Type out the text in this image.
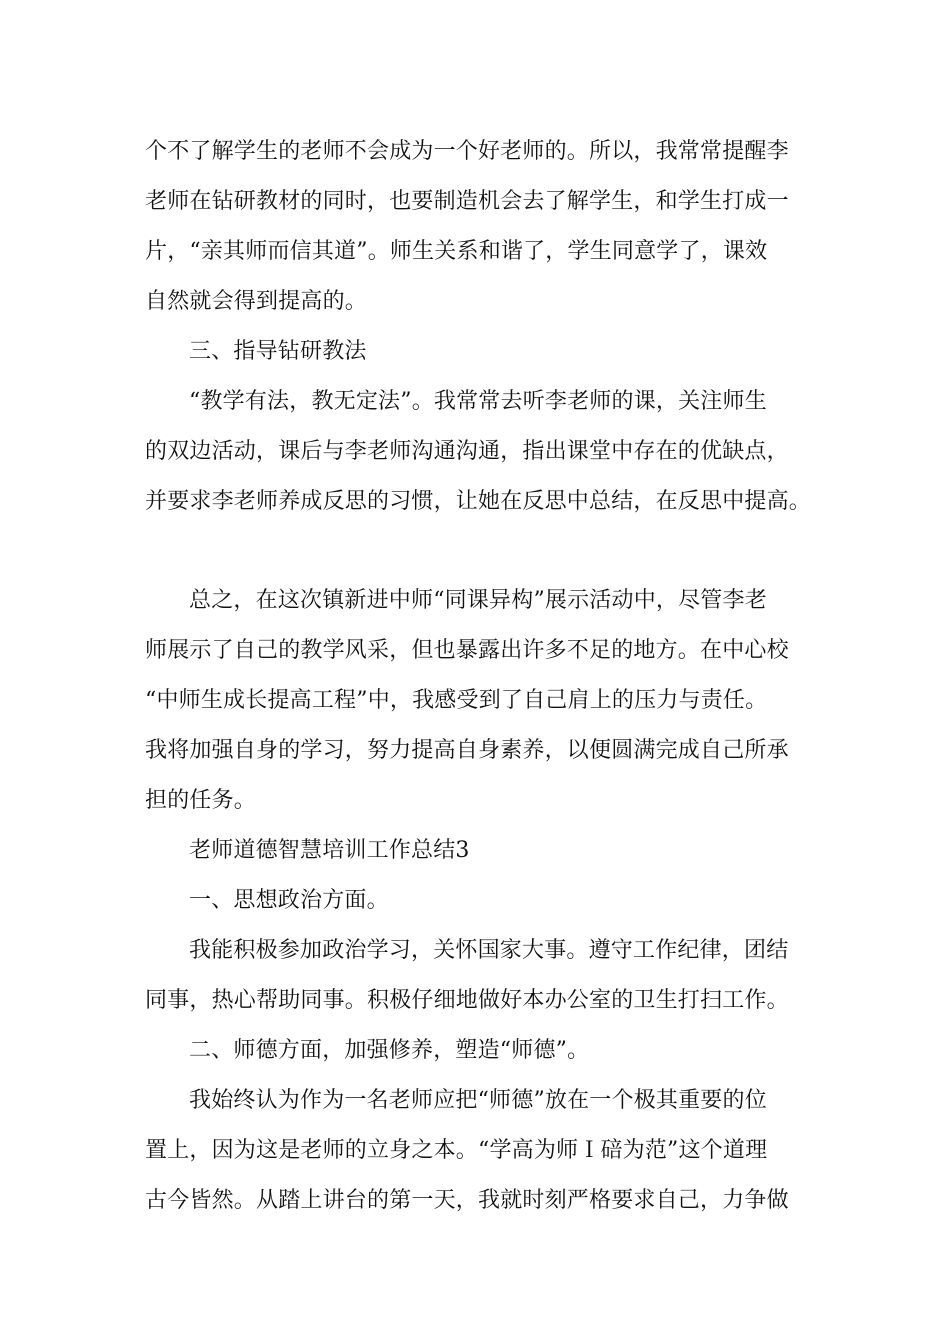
个不了解学生的老师不会成为一个好老师的。所以，我常常提醒李
老师在钻研教材的同时，也要制造机会去了解学生，和学生打成一
片，“亲其师而信其道”。师生关系和谐了，学生同意学了，课效
自然就会得到提高的。
三、指导钻研教法
“教学有法，教无定法”。我常常去听李老师的课，关注师生
的双边活动，课后与李老师沟通沟通，指出课堂中存在的优缺点，
并要求李老师养成反思的习惯，让她在反思中总结，在反思中提高。
总之，在这次镇新进中师“同课异构”展示活动中，尽管李老
师展示了自己的教学风采，但也暴露出许多不足的地方。在中心校
“中师生成长提高工程”中，我感受到了自己肩上的压力与责任。
我将加强自身的学习，努力提高自身素养，以便圆满完成自己所承
担的任务。
老师道德智慧培训工作总结3
一、思想政治方面。
我能积极参加政治学习，关怀国家大事。遵守工作纪律，团结
同事，热心帮助同事。积极仔细地做好本办公室的卫生打扫工作。
二、师德方面，加强修养，塑造“师德”。
我始终认为作为一名老师应把“师德”放在一个极其重要的位
置上，因为这是老师的立身之本。“学高为师Ｉ碚为范”这个道理
古今皆然。从踏上讲台的第一天，我就时刻严格要求自己，力争做
